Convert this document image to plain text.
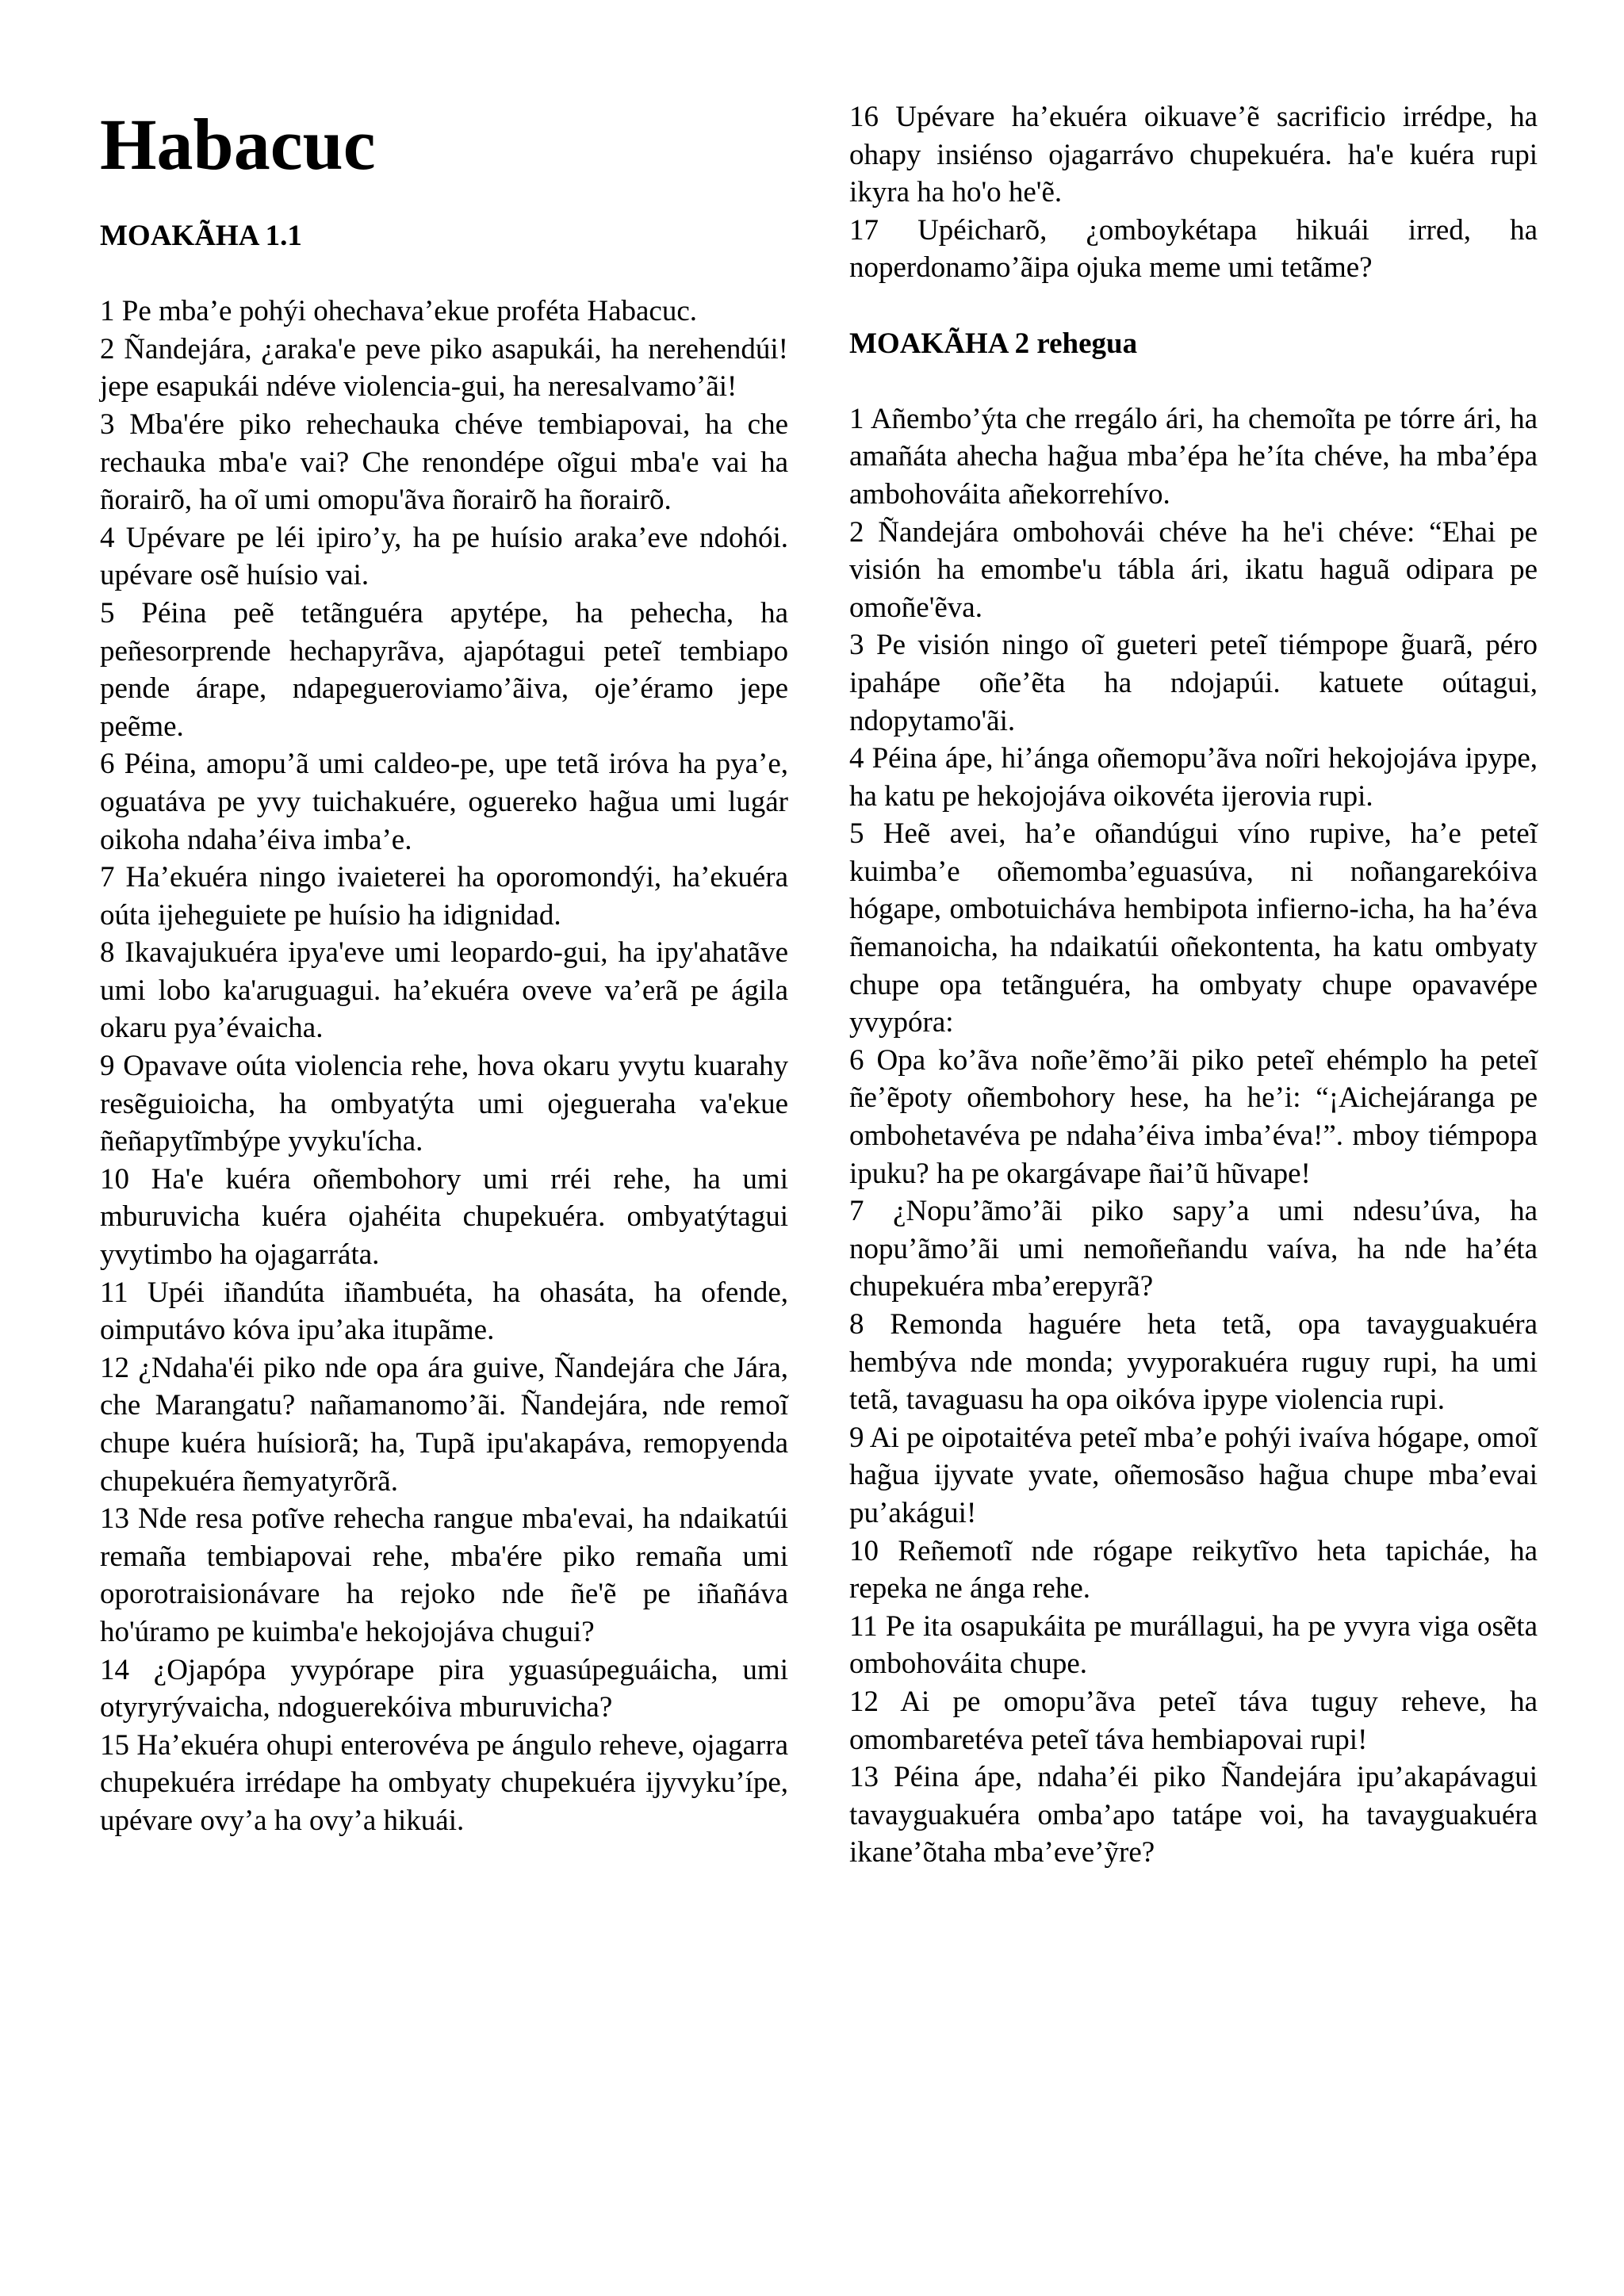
Habacuc
MOAKÃHA 1.1

1 Pe mba’e pohýi ohechava’ekue proféta Habacuc.

2 Ñandejára, ¿araka'e peve piko asapukái, ha nerehendúi! jepe esapukái ndéve violencia-gui, ha neresalvamo’ãi!

3 Mba'ére piko rehechauka chéve tembiapovai, ha che rechauka mba'e vai? Che renondépe oĩgui mba'e vai ha ñorairõ, ha oĩ umi omopu'ãva ñorairõ ha ñorairõ.

4 Upévare pe léi ipiro’y, ha pe huísio araka’eve ndohói. upévare osẽ huísio vai.

5 Péina peẽ tetãnguéra apytépe, ha pehecha, ha peñesorprende hechapyrãva, ajapótagui peteĩ tembiapo pende árape, ndapegueroviamo’ãiva, oje’éramo jepe peẽme.

6 Péina, amopu’ã umi caldeo-pe, upe tetã iróva ha pya’e, oguatáva pe yvy tuichakuére, oguereko hag̃ua umi lugár oikoha ndaha’éiva imba’e.

7 Ha’ekuéra ningo ivaieterei ha oporomondýi, ha’ekuéra oúta ijeheguiete pe huísio ha idignidad.

8 Ikavajukuéra ipya'eve umi leopardo-gui, ha ipy'ahatãve umi lobo ka'aruguagui. ha’ekuéra oveve va’erã pe ágila okaru pya’évaicha.

9 Opavave oúta violencia rehe, hova okaru yvytu kuarahy resẽguioicha, ha ombyatýta umi ojegueraha va'ekue ñeñapytĩmbýpe yvyku'ícha.

10 Ha'e kuéra oñembohory umi rréi rehe, ha umi mburuvicha kuéra ojahéita chupekuéra. ombyatýtagui yvytimbo ha ojagarráta.

11 Upéi iñandúta iñambuéta, ha ohasáta, ha ofende, oimputávo kóva ipu’aka itupãme.

12 ¿Ndaha'éi piko nde opa ára guive, Ñandejára che Jára, che Marangatu? nañamanomo’ãi. Ñandejára, nde remoĩ chupe kuéra huísiorã; ha, Tupã ipu'akapáva, remopyenda chupekuéra ñemyatyrõrã.

13 Nde resa potĩve rehecha rangue mba'evai, ha ndaikatúi remaña tembiapovai rehe, mba'ére piko remaña umi oporotraisionávare ha rejoko nde ñe'ẽ pe iñañáva ho'úramo pe kuimba'e hekojojáva chugui?

14 ¿Ojapópa yvypórape pira yguasúpeguáicha, umi otyryrývaicha, ndoguerekóiva mburuvicha?

15 Ha’ekuéra ohupi enterovéva pe ángulo reheve, ojagarra chupekuéra irrédape ha ombyaty chupekuéra ijyvyku’ípe, upévare ovy’a ha ovy’a hikuái.

16 Upévare ha’ekuéra oikuave’ẽ sacrificio irrédpe, ha ohapy insiénso ojagarrávo chupekuéra. ha'e kuéra rupi ikyra ha ho'o he'ẽ.

17 Upéicharõ, ¿omboykétapa hikuái irred, ha noperdonamo’ãipa ojuka meme umi tetãme?

MOAKÃHA 2 rehegua

1 Añembo’ýta che rregálo ári, ha chemoĩta pe tórre ári, ha amañáta ahecha hag̃ua mba’épa he’íta chéve, ha mba’épa ambohováita añekorrehívo.

2 Ñandejára ombohovái chéve ha he'i chéve: “Ehai pe visión ha emombe'u tábla ári, ikatu haguã odipara pe omoñe'ẽva.

3 Pe visión ningo oĩ gueteri peteĩ tiémpope g̃uarã, péro ipahápe oñe’ẽta ha ndojapúi. katuete oútagui, ndopytamo'ãi.

4 Péina ápe, hi’ánga oñemopu’ãva noĩri hekojojáva ipype, ha katu pe hekojojáva oikovéta ijerovia rupi.

5 Heẽ avei, ha’e oñandúgui víno rupive, ha’e peteĩ kuimba’e oñemomba’eguasúva, ni noñangarekóiva hógape, ombotuicháva hembipota infierno-icha, ha ha’éva ñemanoicha, ha ndaikatúi oñekontenta, ha katu ombyaty chupe opa tetãnguéra, ha ombyaty chupe opavavépe yvypóra:

6 Opa ko’ãva noñe’ẽmo’ãi piko peteĩ ehémplo ha peteĩ ñe’ẽpoty oñembohory hese, ha he’i: “¡Aichejáranga pe ombohetavéva pe ndaha’éiva imba’éva!”. mboy tiémpopa ipuku? ha pe okargávape ñai’ũ hũvape!

7 ¿Nopu’ãmo’ãi piko sapy’a umi ndesu’úva, ha nopu’ãmo’ãi umi nemoñeñandu vaíva, ha nde ha’éta chupekuéra mba’erepyrã?

8 Remonda haguére heta tetã, opa tavayguakuéra hembýva nde monda; yvyporakuéra ruguy rupi, ha umi tetã, tavaguasu ha opa oikóva ipype violencia rupi.

9 Ai pe oipotaitéva peteĩ mba’e pohýi ivaíva hógape, omoĩ hag̃ua ijyvate yvate, oñemosãso hag̃ua chupe mba’evai pu’akágui!

10 Reñemotĩ nde rógape reikytĩvo heta tapicháe, ha repeka ne ánga rehe.

11 Pe ita osapukáita pe murállagui, ha pe yvyra viga osẽta ombohováita chupe.

12 Ai pe omopu’ãva peteĩ táva tuguy reheve, ha omombaretéva peteĩ táva hembiapovai rupi!

13 Péina ápe, ndaha’éi piko Ñandejára ipu’akapávagui tavayguakuéra omba’apo tatápe voi, ha tavayguakuéra ikane’õtaha mba’eve’ỹre?
